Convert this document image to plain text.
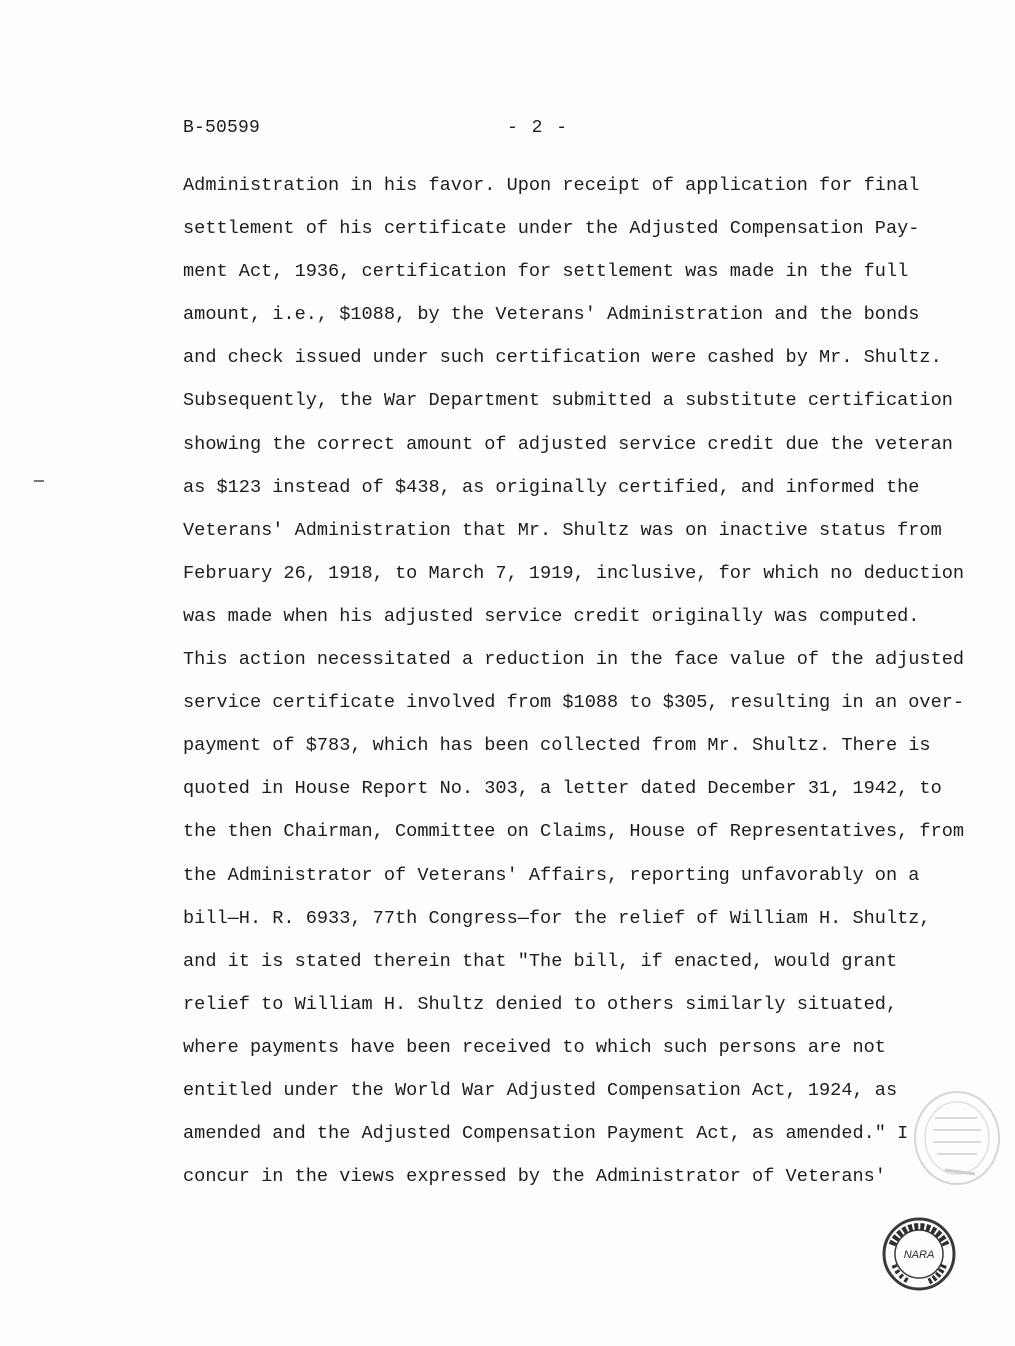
B-50599	- 2 -
Administration in his favor. Upon receipt of application for final
settlement of his certificate under the Adjusted Compensation Pay-
ment Act, 1936, certification for settlement was made in the full
amount, i.e., $1088, by the Veterans' Administration and the bonds
and check issued under such certification were cashed by Mr. Shultz.
Subsequently, the War Department submitted a substitute certification
showing the correct amount of adjusted service credit due the veteran
as $123 instead of $438, as originally certified, and informed the
Veterans' Administration that Mr. Shultz was on inactive status from
February 26, 1918, to March 7, 1919, inclusive, for which no deduction
was made when his adjusted service credit originally was computed.
This action necessitated a reduction in the face value of the adjusted
service certificate involved from $1088 to $305, resulting in an over-
payment of $783, which has been collected from Mr. Shultz. There is
quoted in House Report No. 303, a letter dated December 31, 1942, to
the then Chairman, Committee on Claims, House of Representatives, from
the Administrator of Veterans' Affairs, reporting unfavorably on a
bill—H. R. 6933, 77th Congress—for the relief of William H. Shultz,
and it is stated therein that "The bill, if enacted, would grant
relief to William H. Shultz denied to others similarly situated,
where payments have been received to which such persons are not
entitled under the World War Adjusted Compensation Act, 1924, as
amended and the Adjusted Compensation Payment Act, as amended." I
concur in the views expressed by the Administrator of Veterans'
NARA
